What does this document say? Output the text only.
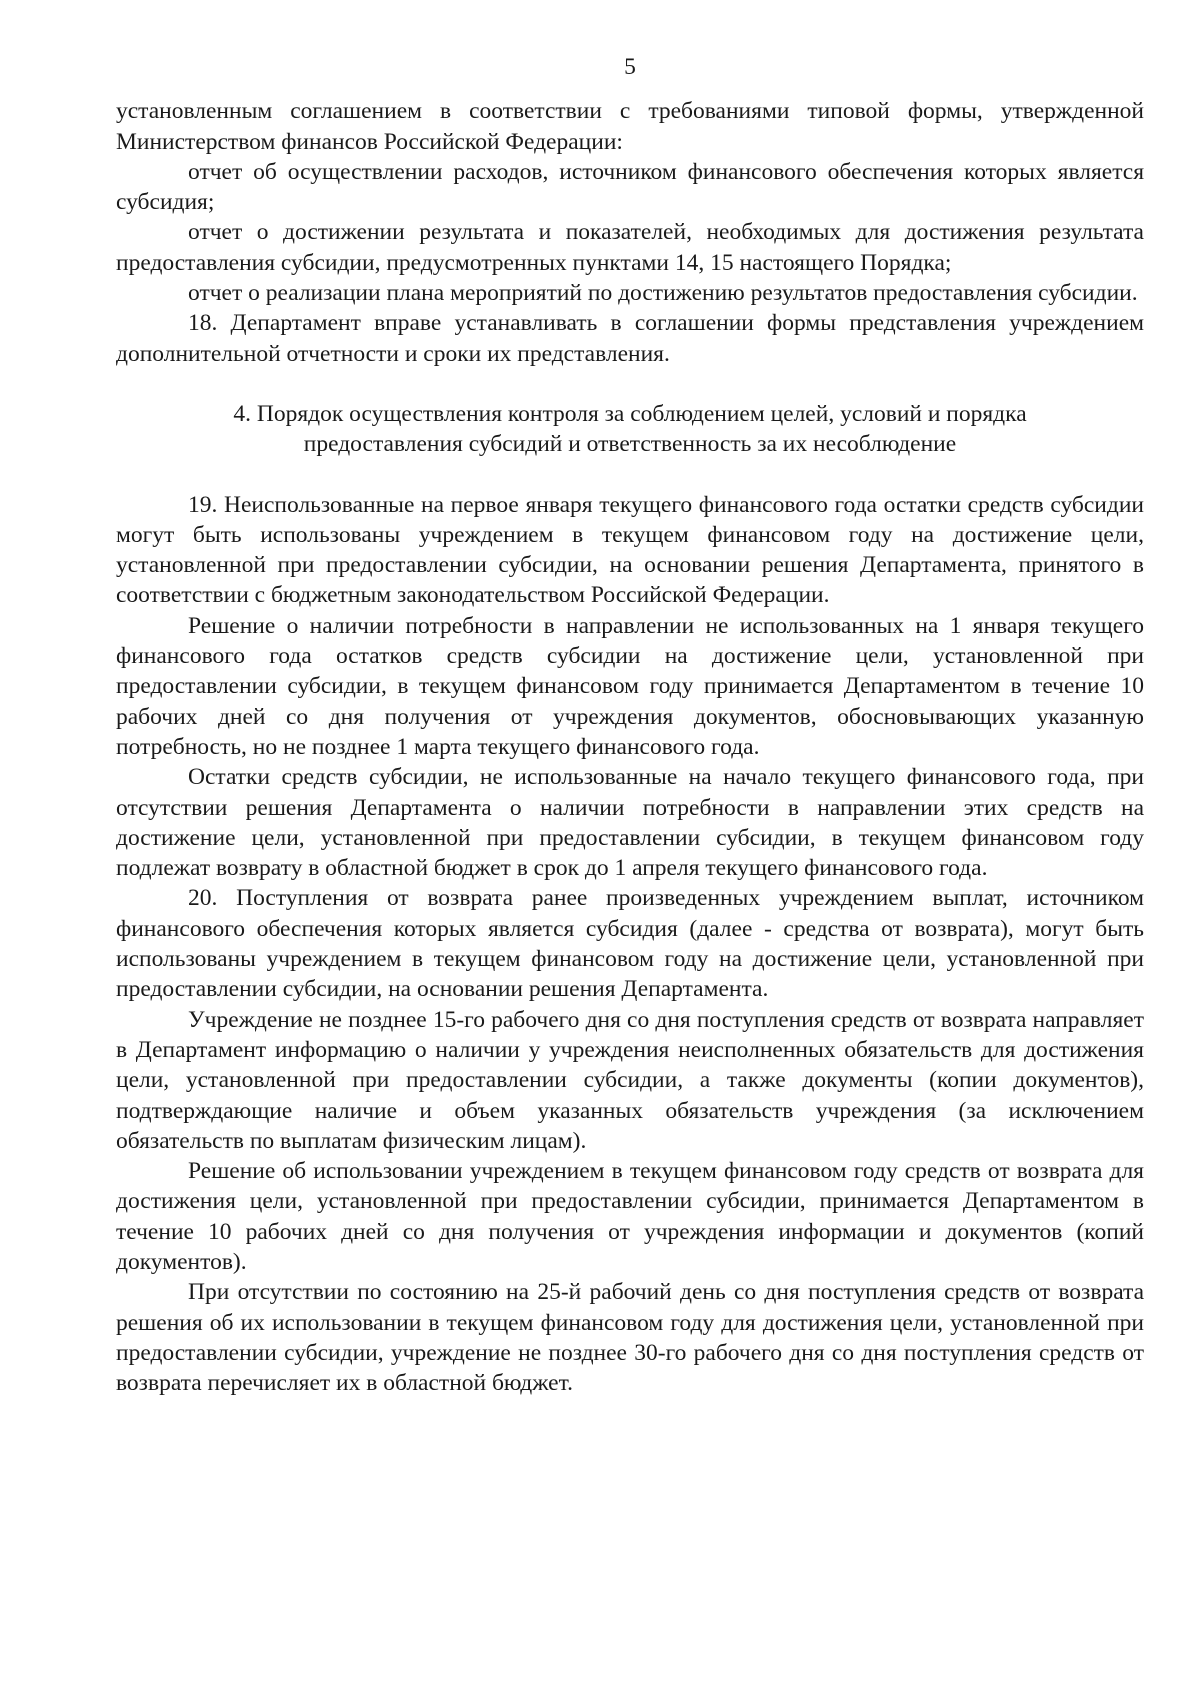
5

установленным соглашением в соответствии с требованиями типовой формы, утвержденной Министерством финансов Российской Федерации:

отчет об осуществлении расходов, источником финансового обеспечения которых является субсидия;

отчет о достижении результата и показателей, необходимых для достижения результата предоставления субсидии, предусмотренных пунктами 14, 15 настоящего Порядка;

отчет о реализации плана мероприятий по достижению результатов предоставления субсидии.

18. Департамент вправе устанавливать в соглашении формы представления учреждением дополнительной отчетности и сроки их представления.

4. Порядок осуществления контроля за соблюдением целей, условий и порядка предоставления субсидий и ответственность за их несоблюдение

19. Неиспользованные на первое января текущего финансового года остатки средств субсидии могут быть использованы учреждением в текущем финансовом году на достижение цели, установленной при предоставлении субсидии, на основании решения Департамента, принятого в соответствии с бюджетным законодательством Российской Федерации.

Решение о наличии потребности в направлении не использованных на 1 января текущего финансового года остатков средств субсидии на достижение цели, установленной при предоставлении субсидии, в текущем финансовом году принимается Департаментом в течение 10 рабочих дней со дня получения от учреждения документов, обосновывающих указанную потребность, но не позднее 1 марта текущего финансового года.

Остатки средств субсидии, не использованные на начало текущего финансового года, при отсутствии решения Департамента о наличии потребности в направлении этих средств на достижение цели, установленной при предоставлении субсидии, в текущем финансовом году подлежат возврату в областной бюджет в срок до 1 апреля текущего финансового года.

20. Поступления от возврата ранее произведенных учреждением выплат, источником финансового обеспечения которых является субсидия (далее - средства от возврата), могут быть использованы учреждением в текущем финансовом году на достижение цели, установленной при предоставлении субсидии, на основании решения Департамента.

Учреждение не позднее 15-го рабочего дня со дня поступления средств от возврата направляет в Департамент информацию о наличии у учреждения неисполненных обязательств для достижения цели, установленной при предоставлении субсидии, а также документы (копии документов), подтверждающие наличие и объем указанных обязательств учреждения (за исключением обязательств по выплатам физическим лицам).

Решение об использовании учреждением в текущем финансовом году средств от возврата для достижения цели, установленной при предоставлении субсидии, принимается Департаментом в течение 10 рабочих дней со дня получения от учреждения информации и документов (копий документов).

При отсутствии по состоянию на 25-й рабочий день со дня поступления средств от возврата решения об их использовании в текущем финансовом году для достижения цели, установленной при предоставлении субсидии, учреждение не позднее 30-го рабочего дня со дня поступления средств от возврата перечисляет их в областной бюджет.
